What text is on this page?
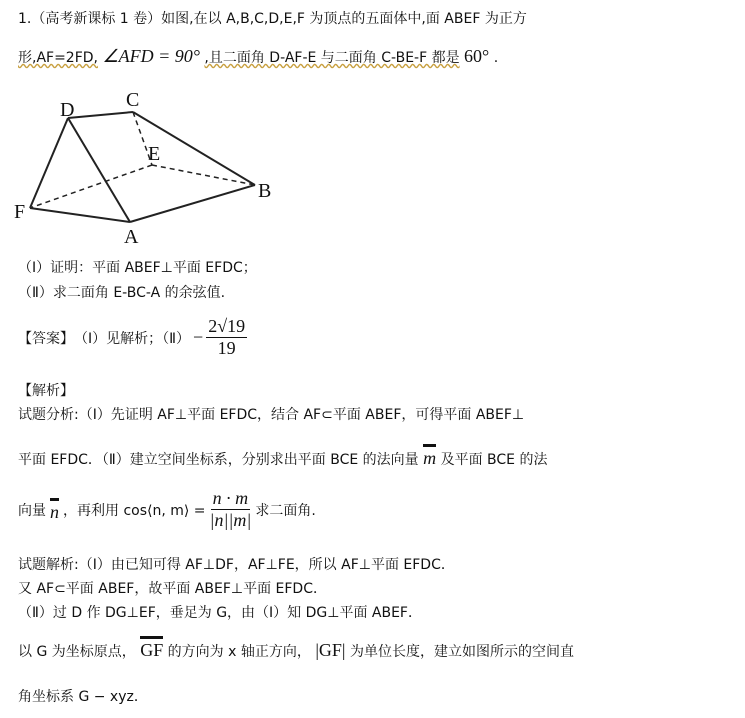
1.（高考新课标 1 卷）如图,在以 A,B,C,D,E,F 为顶点的五面体中,面 ABEF 为正方
形,AF=2FD, ∠AFD = 90° ,且二面角 D-AF-E 与二面角 C-BE-F 都是 60° .
D	C
E
B
F
A
（Ⅰ）证明：平面 ABEF⊥平面 EFDC；
（Ⅱ）求二面角 E-BC-A 的余弦值.
【答案】 （Ⅰ）见解析；（Ⅱ） − $\frac{2√19}{19}$
【解析】
试题分析:（Ⅰ）先证明 AF⊥平面 EFDC，结合 AF⊂平面 ABEF，可得平面 ABEF⊥
平面 EFDC．（Ⅱ）建立空间坐标系，分别求出平面 BCE 的法向量 m 及平面 BCE 的法
向量 n ，再利用 cos⟨n, m⟩ = $\frac{n \cdot m}{|n||m|}$ 求二面角.
试题解析:（Ⅰ）由已知可得 AF⊥DF，AF⊥FE，所以 AF⊥平面 EFDC．
又 AF⊂平面 ABEF，故平面 ABEF⊥平面 EFDC．
（Ⅱ）过 D 作 DG⊥EF，垂足为 G，由（Ⅰ）知 DG⊥平面 ABEF．
以 G 为坐标原点， GF 的方向为 x 轴正方向， |GF| 为单位长度，建立如图所示的空间直
角坐标系 G − xyz．
